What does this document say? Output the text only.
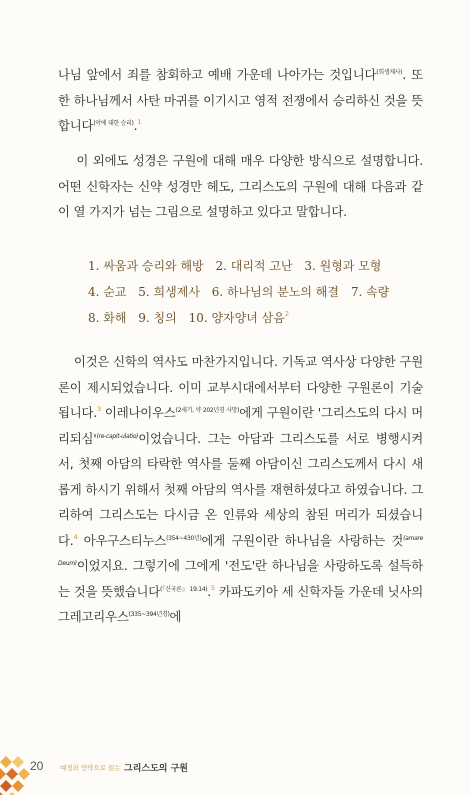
나님 앞에서 죄를 참회하고 예배 가운데 나아가는 것입니다$^{(희생제사)}$. 또한 하나님께서 사탄 마귀를 이기시고 영적 전쟁에서 승리하신 것을 뜻합니다$^{(악에 대한 승리)}$.$^1$

이 외에도 성경은 구원에 대해 매우 다양한 방식으로 설명합니다. 어떤 신학자는 신약 성경만 헤도, 그리스도의 구원에 대해 다음과 같이 열 가지가 넘는 그림으로 설명하고 있다고 말합니다.

1. 싸움과 승리와 해방 2. 대리적 고난 3. 원형과 모형
4. 순교 5. 희생제사 6. 하나님의 분노의 해결 7. 속량
8. 화해 9. 칭의 10. 양자양녀 삼음$^2$

이것은 신학의 역사도 마찬가지입니다. 기독교 역사상 다양한 구원론이 제시되었습니다. 이미 교부시대에서부터 다양한 구원론이 기술됩니다.$^3$ 이레나이우스$^{(2세기, 약 202년경 사망)}$에게 구원이란 '그리스도의 다시 머리되심'$^{(re-capit-ulatio)}$이었습니다. 그는 아담과 그리스도를 서로 병행시켜서, 첫째 아담의 타락한 역사를 둘째 아담이신 그리스도께서 다시 새롭게 하시기 위해서 첫째 아담의 역사를 재현하셨다고 하였습니다. 그리하여 그리스도는 다시금 온 인류와 세상의 참된 머리가 되셨습니다.$^4$ 아우구스티누스$^{(354\sim 430년)}$에게 구원이란 하나님을 사랑하는 것$^{(amare Deum)}$이었지요. 그렇기에 그에게 '전도'란 하나님을 사랑하도록 설득하는 것을 뜻했습니다$^{(『신국론』 19.14)}$.$^5$ 카파도키아 세 신학자들 가운데 닛사의 그레고리우스$^{(335\sim 394년경)}$에

20	예정과 언약으로 읽는 그리스도의 구원
